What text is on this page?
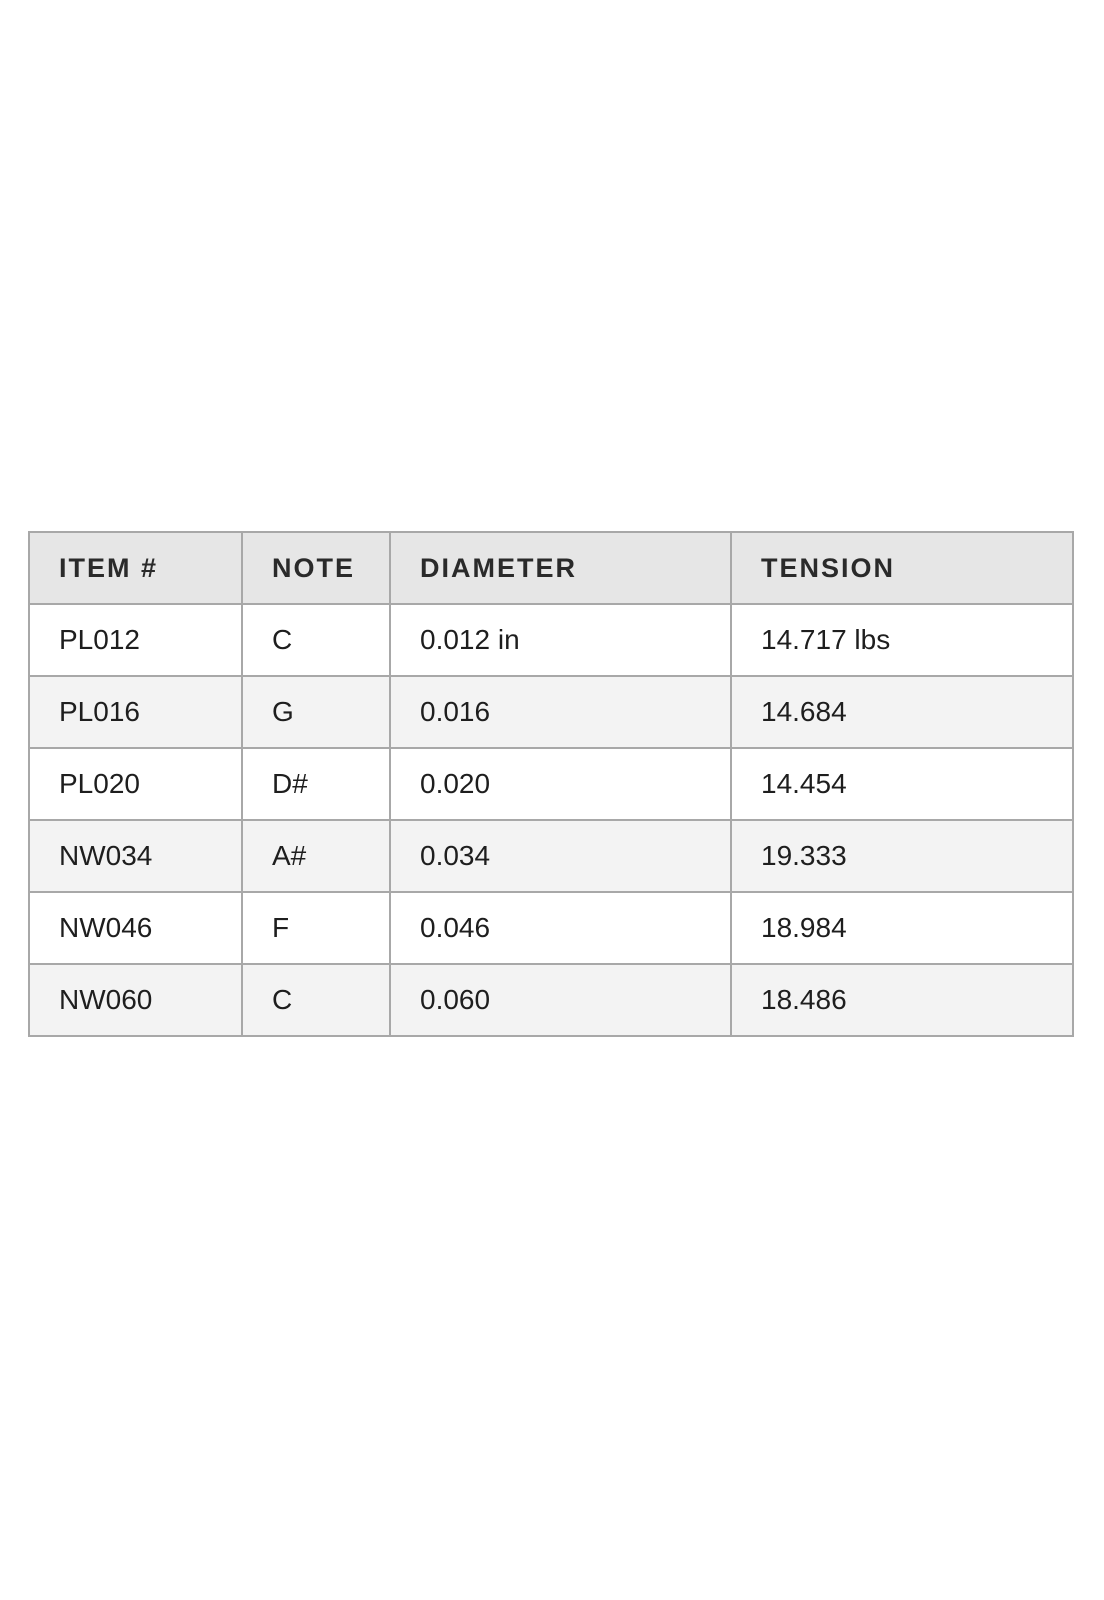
ITEM #	NOTE	DIAMETER	TENSION
PL012	C	0.012 in	14.717 lbs
PL016	G	0.016	14.684
PL020	D#	0.020	14.454
NW034	A#	0.034	19.333
NW046	F	0.046	18.984
NW060	C	0.060	18.486
